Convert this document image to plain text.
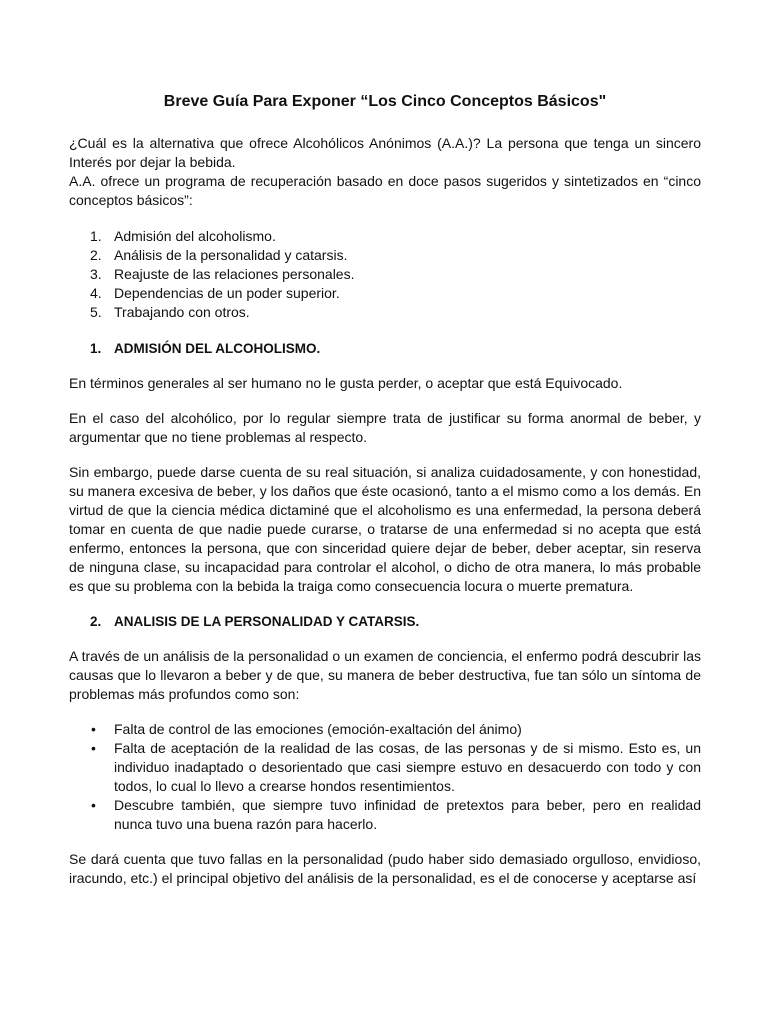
Breve Guía Para Exponer “Los Cinco Conceptos Básicos"

¿Cuál es la alternativa que ofrece Alcohólicos Anónimos (A.A.)? La persona que tenga un sincero Interés por dejar la bebida.

A.A. ofrece un programa de recuperación basado en doce pasos sugeridos y sintetizados en “cinco conceptos básicos”:

1. Admisión del alcoholismo.
2. Análisis de la personalidad y catarsis.
3. Reajuste de las relaciones personales.
4. Dependencias de un poder superior.
5. Trabajando con otros.
1. ADMISIÓN DEL ALCOHOLISMO.

En términos generales al ser humano no le gusta perder, o aceptar que está Equivocado.

En el caso del alcohólico, por lo regular siempre trata de justificar su forma anormal de beber, y argumentar que no tiene problemas al respecto.

Sin embargo, puede darse cuenta de su real situación, si analiza cuidadosamente, y con honestidad, su manera excesiva de beber, y los daños que éste ocasionó, tanto a el mismo como a los demás. En virtud de que la ciencia médica dictaminé que el alcoholismo es una enfermedad, la persona deberá tomar en cuenta de que nadie puede curarse, o tratarse de una enfermedad si no acepta que está enfermo, entonces la persona, que con sinceridad quiere dejar de beber, deber aceptar, sin reserva de ninguna clase, su incapacidad para controlar el alcohol, o dicho de otra manera, lo más probable es que su problema con la bebida la traiga como consecuencia locura o muerte prematura.

2. ANALISIS DE LA PERSONALIDAD Y CATARSIS.

A través de un análisis de la personalidad o un examen de conciencia, el enfermo podrá descubrir las causas que lo llevaron a beber y de que, su manera de beber destructiva, fue tan sólo un síntoma de problemas más profundos como son:

• Falta de control de las emociones (emoción-exaltación del ánimo)
• Falta de aceptación de la realidad de las cosas, de las personas y de si mismo. Esto es, un individuo inadaptado o desorientado que casi siempre estuvo en desacuerdo con todo y con todos, lo cual lo llevo a crearse hondos resentimientos.
• Descubre también, que siempre tuvo infinidad de pretextos para beber, pero en realidad nunca tuvo una buena razón para hacerlo.

Se dará cuenta que tuvo fallas en la personalidad (pudo haber sido demasiado orgulloso, envidioso, iracundo, etc.) el principal objetivo del análisis de la personalidad, es el de conocerse y aceptarse así
